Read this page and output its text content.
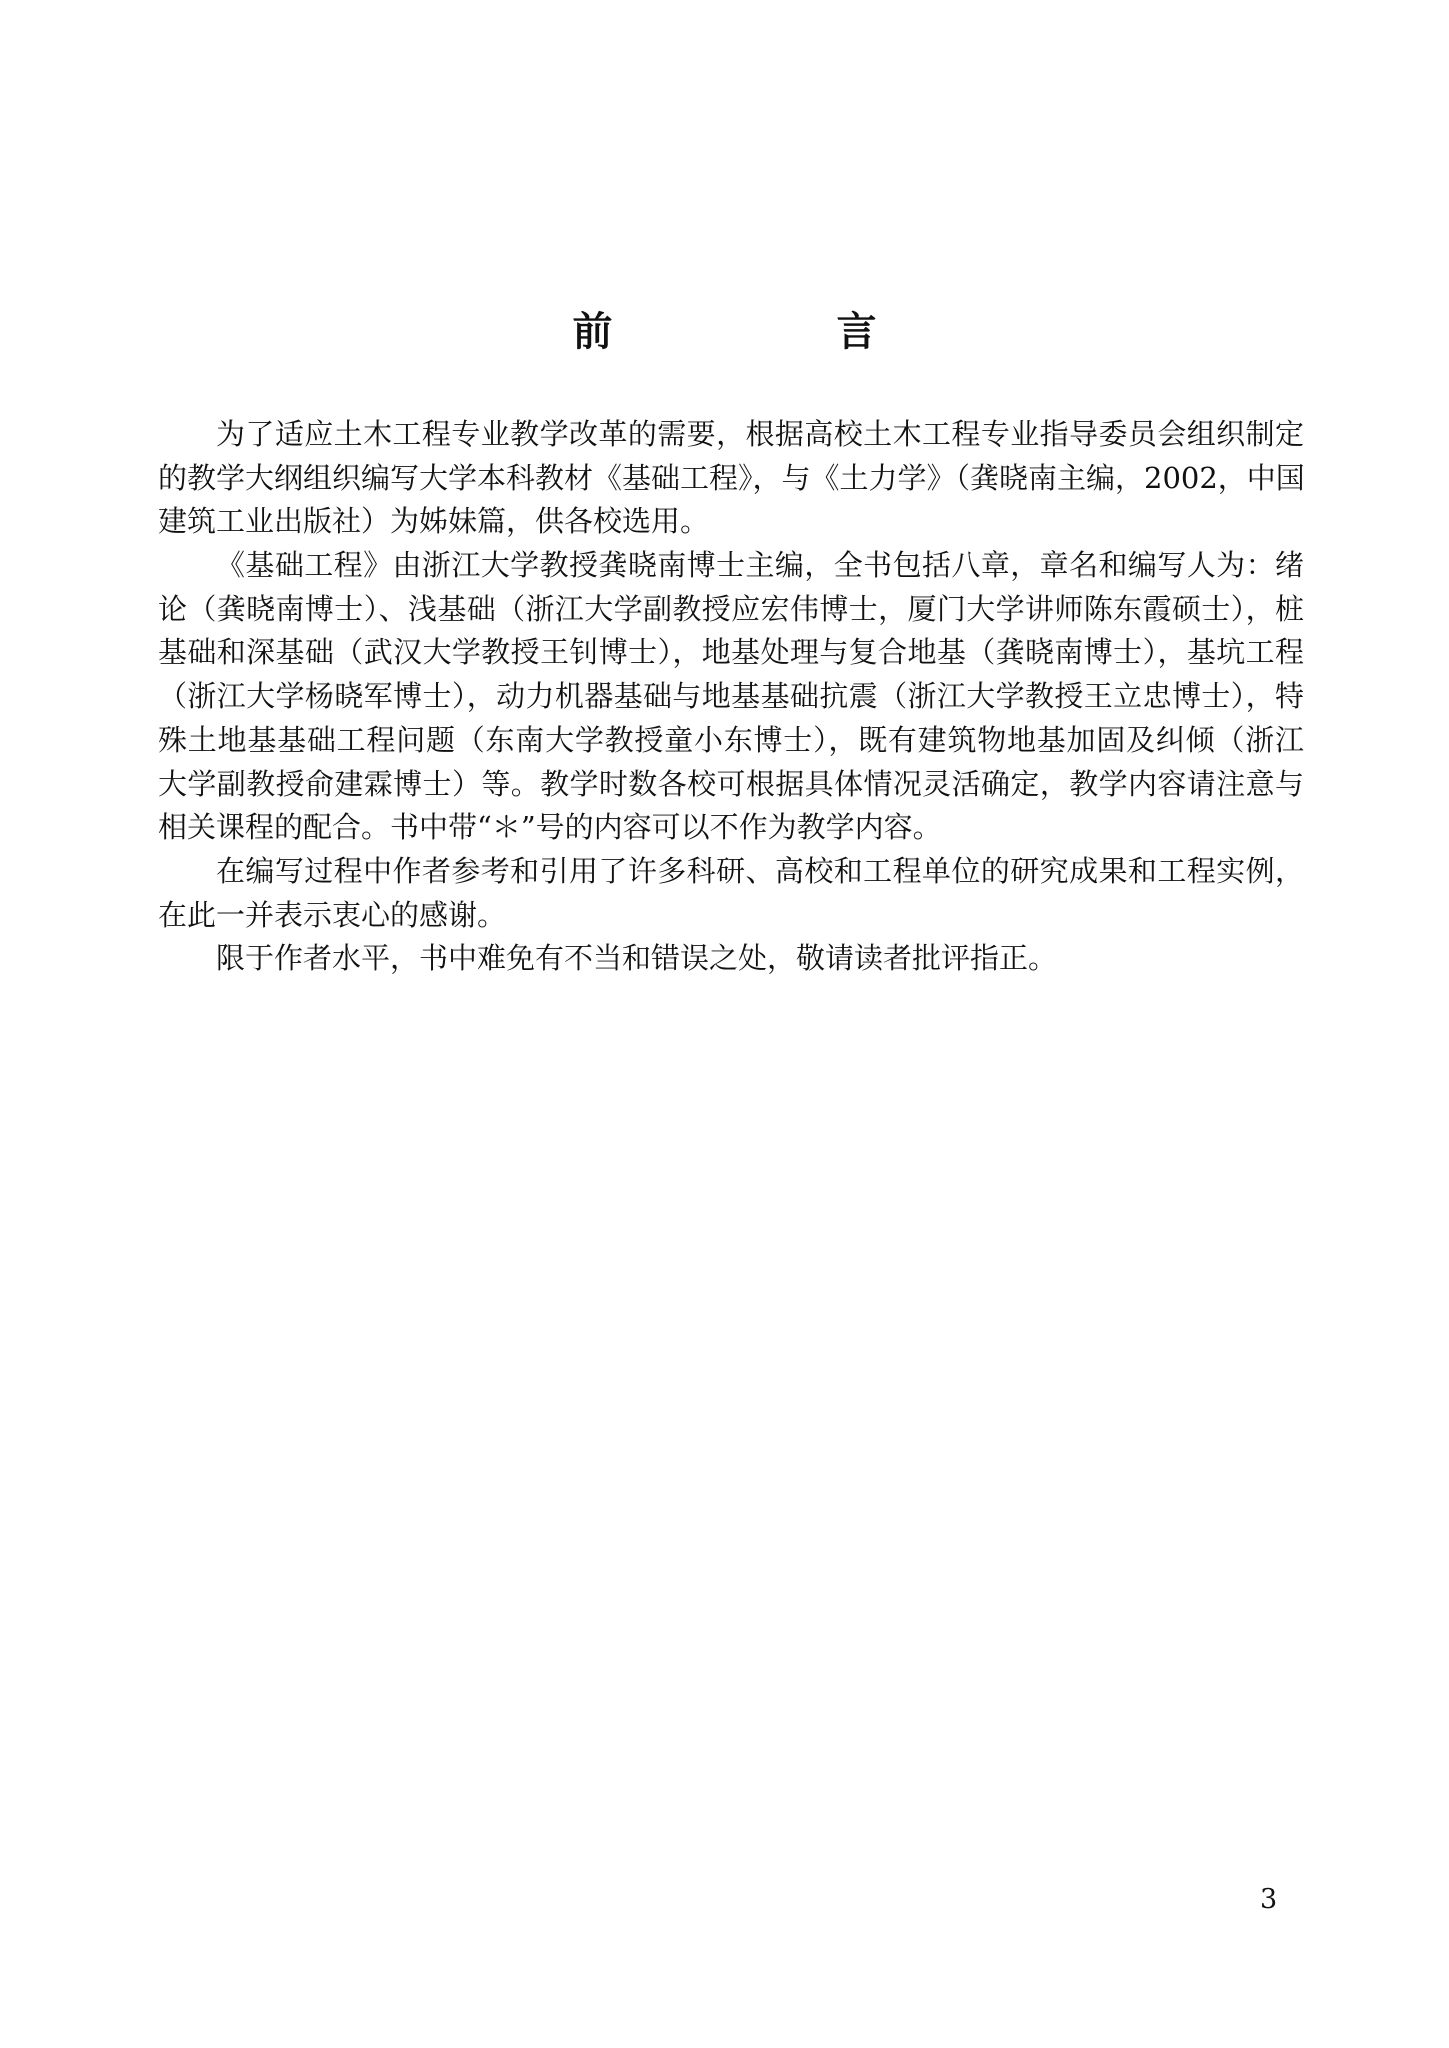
前　言
为了适应土木工程专业教学改革的需要，根据高校土木工程专业指导委员会组织制定
的教学大纲组织编写大学本科教材《基础工程》，与《土力学》（龚晓南主编，2002，中国
建筑工业出版社）为姊妹篇，供各校选用。
《基础工程》由浙江大学教授龚晓南博士主编，全书包括八章，章名和编写人为：绪
论（龚晓南博士）、浅基础（浙江大学副教授应宏伟博士，厦门大学讲师陈东霞硕士），桩
基础和深基础（武汉大学教授王钊博士），地基处理与复合地基（龚晓南博士），基坑工程
（浙江大学杨晓军博士），动力机器基础与地基基础抗震（浙江大学教授王立忠博士），特
殊土地基基础工程问题（东南大学教授童小东博士），既有建筑物地基加固及纠倾（浙江
大学副教授俞建霖博士）等。教学时数各校可根据具体情况灵活确定，教学内容请注意与
相关课程的配合。书中带“＊”号的内容可以不作为教学内容。
在编写过程中作者参考和引用了许多科研、高校和工程单位的研究成果和工程实例，
在此一并表示衷心的感谢。
限于作者水平，书中难免有不当和错误之处，敬请读者批评指正。
3
